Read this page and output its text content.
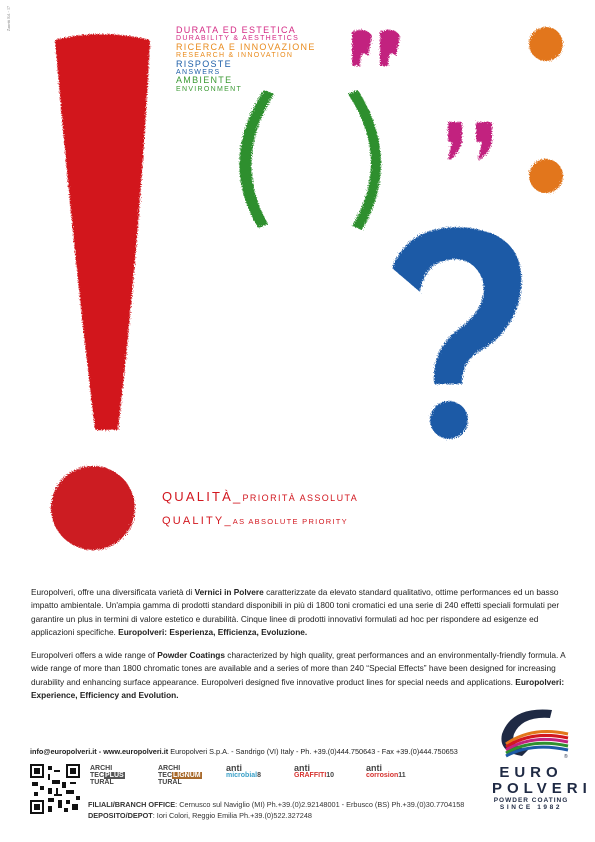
Zanetti Ed. - 17	DURATA ED ESTETICA
DURABILITY & AESTHETICS
RICERCA E INNOVAZIONE
RESEARCH & INNOVATION
RISPOSTE
ANSWERS
AMBIENTE
ENVIRONMENT
QUALITÀ_PRIORITÀ ASSOLUTA
QUALITY_AS ABSOLUTE PRIORITY
Europolveri, offre una diversificata varietà di Vernici in Polvere caratterizzate da elevato standard qualitativo, ottime performances ed un basso impatto ambientale. Un'ampia gamma di prodotti standard disponibili in più di 1800 toni cromatici ed una serie di 240 effetti speciali formulati per garantire un plus in termini di valore estetico e durabilità. Cinque linee di prodotti innovativi formulati ad hoc per rispondere ad esigenze ed applicazioni specifiche. Europolveri: Esperienza, Efficienza, Evoluzione.
Europolveri offers a wide range of Powder Coatings characterized by high quality, great performances and an environmentally-friendly formula. A wide range of more than 1800 chromatic tones are available and a series of more than 240 “Special Effects” have been designed for increasing durability and enhancing surface appearance. Europolveri designed five innovative product lines for special needs and applications. Europolveri: Experience, Efficiency and Evolution.
info@europolveri.it - www.europolveri.it Europolveri S.p.A. - Sandrigo (VI) Italy - Ph. +39.(0)444.750643 - Fax +39.(0)444.750653
ARCHI
TECPLUS
TURAL
ARCHI
TECLIGNUM
TURAL
anti
microbial8
anti
GRAFFITI10
anti
corrosion11
FILIALI/BRANCH OFFICE: Cernusco sul Naviglio (MI) Ph.+39.(0)2.92148001 - Erbusco (BS) Ph.+39.(0)30.7704158
DEPOSITO/DEPOT: Iori Colori, Reggio Emilia Ph.+39.(0)522.327248
®
EURO
POLVERI
POWDER COATING
SINCE 1982
